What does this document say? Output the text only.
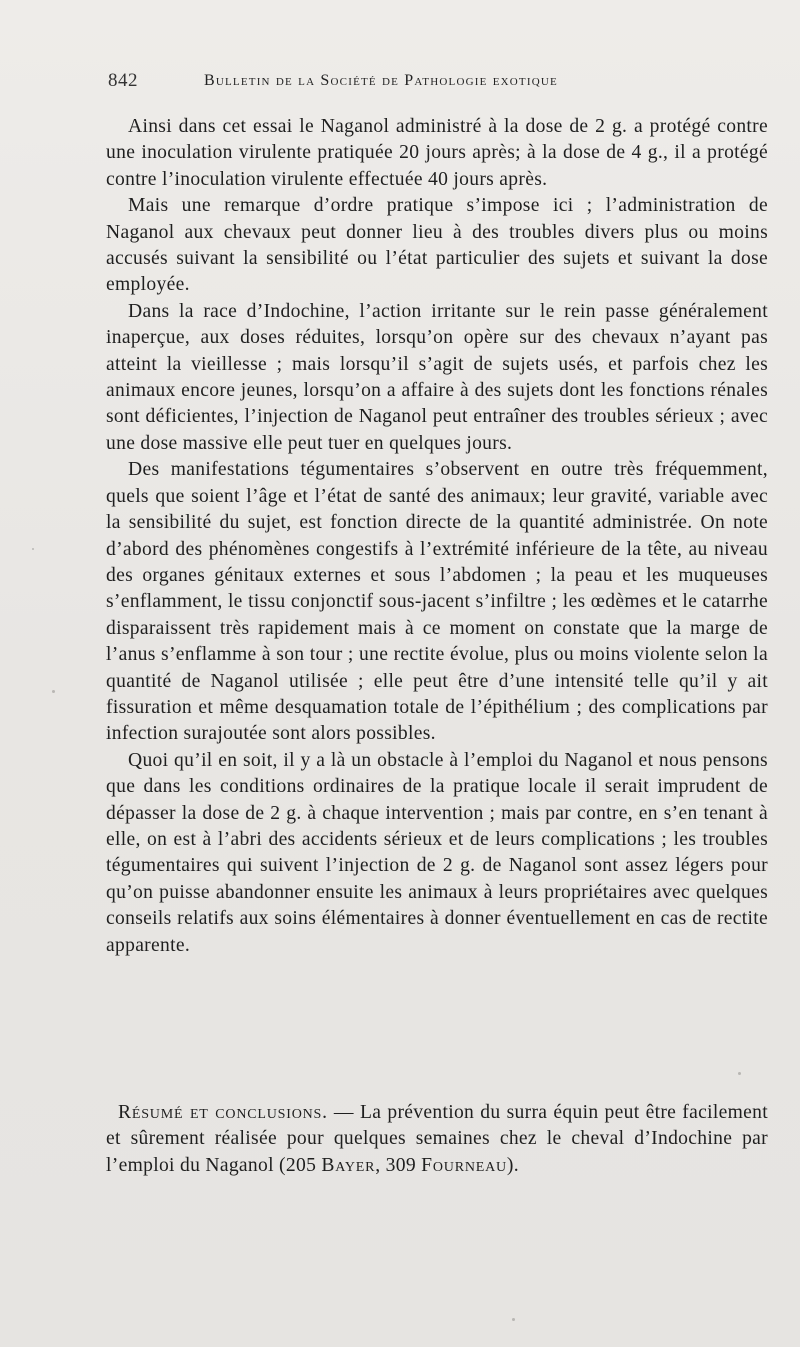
842	Bulletin de la Société de Pathologie exotique

Ainsi dans cet essai le Naganol administré à la dose de 2 g. a protégé contre une inoculation virulente pratiquée 20 jours après; à la dose de 4 g., il a protégé contre l’inoculation virulente effectuée 40 jours après.

Mais une remarque d’ordre pratique s’impose ici ; l’administration de Naganol aux chevaux peut donner lieu à des troubles divers plus ou moins accusés suivant la sensibilité ou l’état particulier des sujets et suivant la dose employée.

Dans la race d’Indochine, l’action irritante sur le rein passe généralement inaperçue, aux doses réduites, lorsqu’on opère sur des chevaux n’ayant pas atteint la vieillesse ; mais lorsqu’il s’agit de sujets usés, et parfois chez les animaux encore jeunes, lorsqu’on a affaire à des sujets dont les fonctions rénales sont déficientes, l’injection de Naganol peut entraîner des troubles sérieux ; avec une dose massive elle peut tuer en quelques jours.

Des manifestations tégumentaires s’observent en outre très fréquemment, quels que soient l’âge et l’état de santé des animaux; leur gravité, variable avec la sensibilité du sujet, est fonction directe de la quantité administrée. On note d’abord des phénomènes congestifs à l’extrémité inférieure de la tête, au niveau des organes génitaux externes et sous l’abdomen ; la peau et les muqueuses s’enflamment, le tissu conjonctif sous-jacent s’infiltre ; les œdèmes et le catarrhe disparaissent très rapidement mais à ce moment on constate que la marge de l’anus s’enflamme à son tour ; une rectite évolue, plus ou moins violente selon la quantité de Naganol utilisée ; elle peut être d’une intensité telle qu’il y ait fissuration et même desquamation totale de l’épithélium ; des complications par infection surajoutée sont alors possibles.

Quoi qu’il en soit, il y a là un obstacle à l’emploi du Naganol et nous pensons que dans les conditions ordinaires de la pratique locale il serait imprudent de dépasser la dose de 2 g. à chaque intervention ; mais par contre, en s’en tenant à elle, on est à l’abri des accidents sérieux et de leurs complications ; les troubles tégumentaires qui suivent l’injection de 2 g. de Naganol sont assez légers pour qu’on puisse abandonner ensuite les animaux à leurs propriétaires avec quelques conseils relatifs aux soins élémentaires à donner éventuellement en cas de rectite apparente.

Résumé et conclusions. — La prévention du surra équin peut être facilement et sûrement réalisée pour quelques semaines chez le cheval d’Indochine par l’emploi du Naganol (205 Bayer, 309 Fourneau).
